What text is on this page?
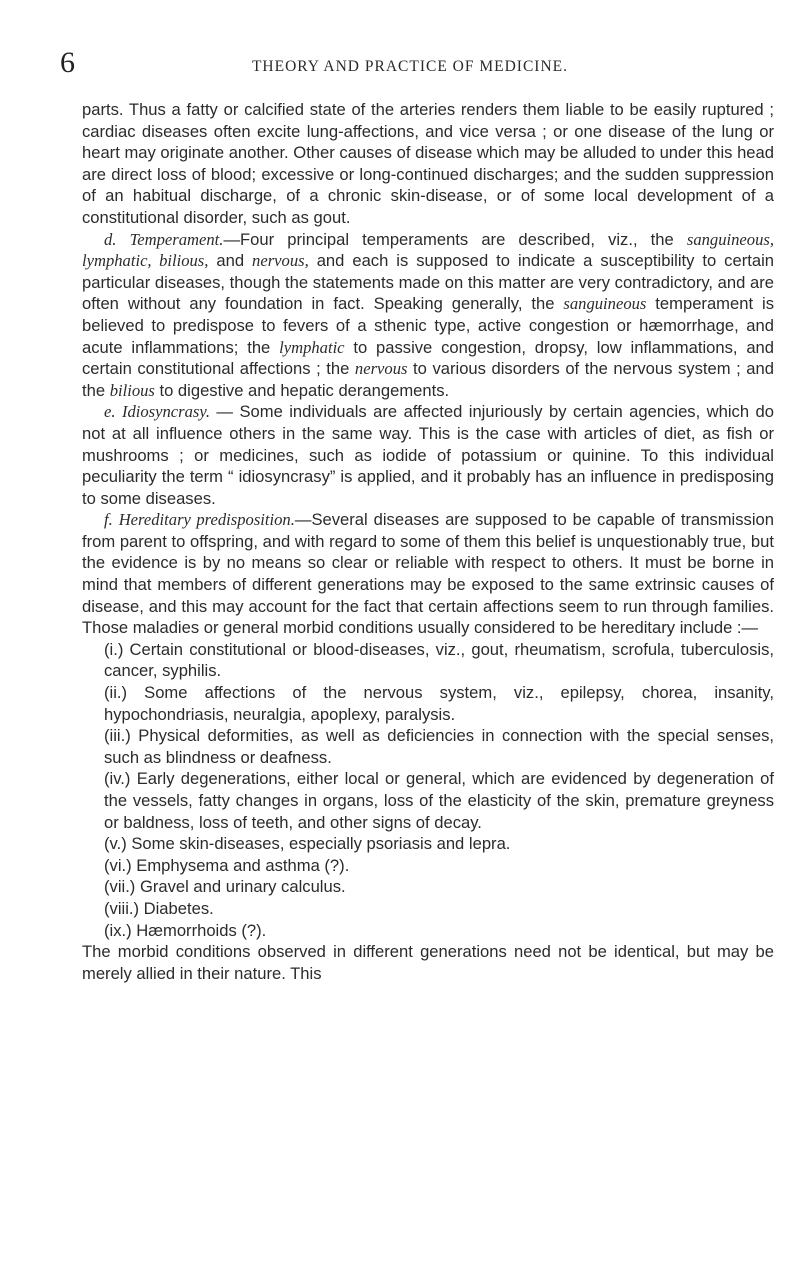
6	THEORY AND PRACTICE OF MEDICINE.

parts. Thus a fatty or calcified state of the arteries renders them liable to be easily ruptured ; cardiac diseases often excite lung-affections, and vice versa ; or one disease of the lung or heart may originate another. Other causes of disease which may be alluded to under this head are direct loss of blood; excessive or long-continued discharges; and the sudden suppression of an habitual discharge, of a chronic skin-disease, or of some local development of a constitutional disorder, such as gout.

d. Temperament.—Four principal temperaments are described, viz., the sanguineous, lymphatic, bilious, and nervous, and each is supposed to indicate a susceptibility to certain particular diseases, though the statements made on this matter are very contradictory, and are often without any foundation in fact. Speaking generally, the sanguineous temperament is believed to predispose to fevers of a sthenic type, active congestion or hæmorrhage, and acute inflammations; the lymphatic to passive congestion, dropsy, low inflammations, and certain constitutional affections ; the nervous to various disorders of the nervous system ; and the bilious to digestive and hepatic derangements.

e. Idiosyncrasy. — Some individuals are affected injuriously by certain agencies, which do not at all influence others in the same way. This is the case with articles of diet, as fish or mushrooms ; or medicines, such as iodide of potassium or quinine. To this individual peculiarity the term “ idiosyncrasy” is applied, and it probably has an influence in predisposing to some diseases.

f. Hereditary predisposition.—Several diseases are supposed to be capable of transmission from parent to offspring, and with regard to some of them this belief is unquestionably true, but the evidence is by no means so clear or reliable with respect to others. It must be borne in mind that members of different generations may be exposed to the same extrinsic causes of disease, and this may account for the fact that certain affections seem to run through families. Those maladies or general morbid conditions usually considered to be hereditary include :—

(i.) Certain constitutional or blood-diseases, viz., gout, rheumatism, scrofula, tuberculosis, cancer, syphilis.

(ii.) Some affections of the nervous system, viz., epilepsy, chorea, insanity, hypochondriasis, neuralgia, apoplexy, paralysis.

(iii.) Physical deformities, as well as deficiencies in connection with the special senses, such as blindness or deafness.

(iv.) Early degenerations, either local or general, which are evidenced by degeneration of the vessels, fatty changes in organs, loss of the elasticity of the skin, premature greyness or baldness, loss of teeth, and other signs of decay.

(v.) Some skin-diseases, especially psoriasis and lepra.

(vi.) Emphysema and asthma (?).

(vii.) Gravel and urinary calculus.

(viii.) Diabetes.

(ix.) Hæmorrhoids (?).

The morbid conditions observed in different generations need not be identical, but may be merely allied in their nature. This
